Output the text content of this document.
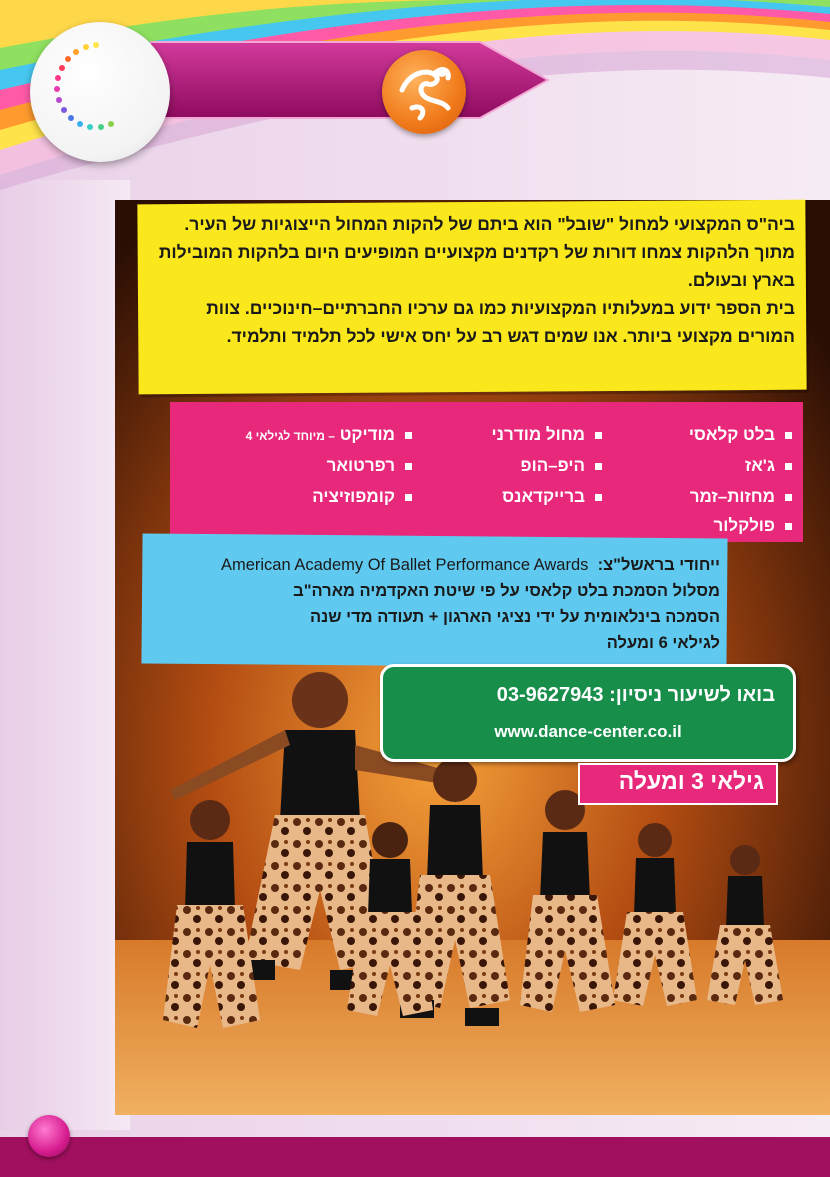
ביה"ס המקצועי למחול "שובל" הוא ביתם של להקות המחול הייצוגיות של העיר. מתוך הלהקות צמחו דורות של רקדנים מקצועיים המופיעים היום בלהקות המובילות בארץ ובעולם.
בית הספר ידוע במעלותיו המקצועיות כמו גם ערכיו החברתיים–חינוכיים. צוות המורים מקצועי ביותר. אנו שמים דגש רב על יחס אישי לכל תלמיד ותלמיד.
בלט קלאסי
ג'אז
מחזות–זמר
פולקלור
מחול מודרני
היפ–הופ
ברייקדאנס
מודיקט – מיוחד לגילאי 4
רפרטואר
קומפוזיציה
ייחודי בראשל"צ:  American Academy Of Ballet Performance Awards
מסלול הסמכת בלט קלאסי על פי שיטת האקדמיה מארה"ב
הסמכה בינלאומית על ידי נציגי הארגון + תעודה מדי שנה
לגילאי 6 ומעלה
בואו לשיעור ניסיון: 03-9627943
www.dance-center.co.il
גילאי 3 ומעלה
